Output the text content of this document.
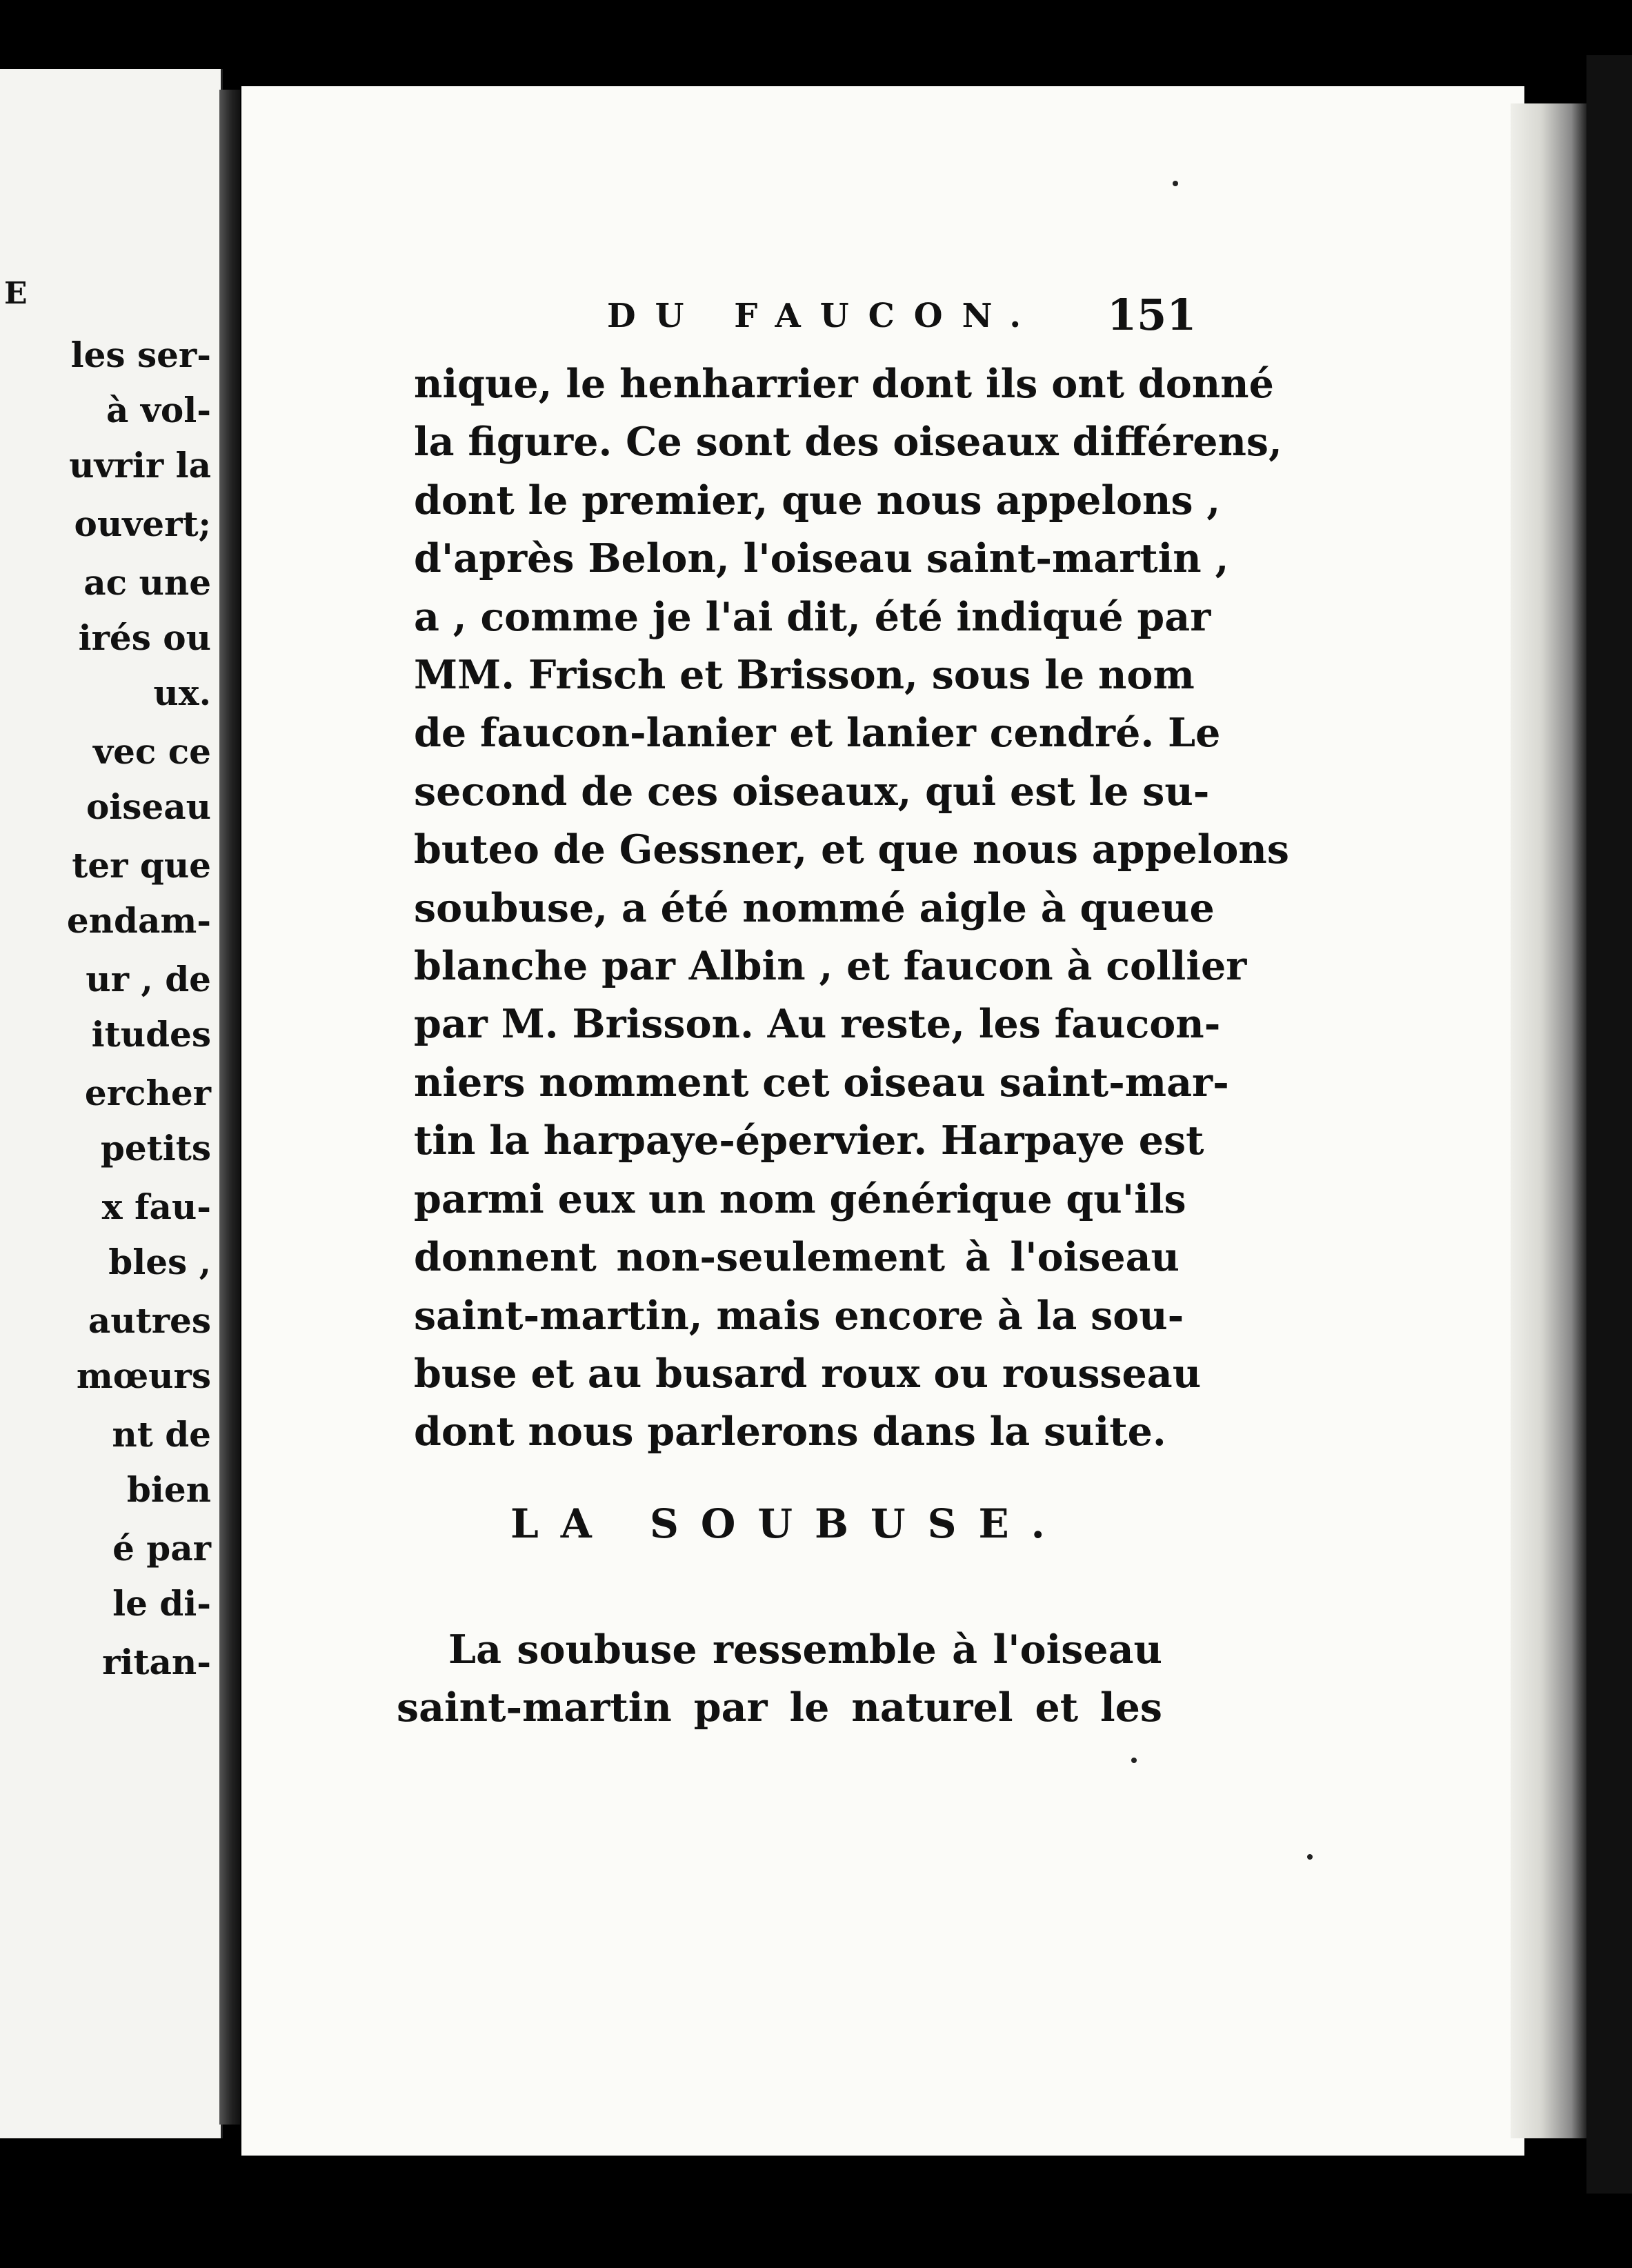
E
les ser-
à vol-
uvrir la
ouvert;
ac une
irés ou
ux.
vec ce
oiseau
ter que
endam-
ur , de
itudes
ercher
petits
x fau-
bles ,
autres
mœurs
nt de
bien
é par
le di-
ritan-
DU FAUCON. 151
nique, le henharrier dont ils ont donné
la figure. Ce sont des oiseaux différens,
dont le premier, que nous appelons ,
d'après Belon, l'oiseau saint-martin ,
a , comme je l'ai dit, été indiqué par
MM. Frisch et Brisson, sous le nom
de faucon-lanier et lanier cendré. Le
second de ces oiseaux, qui est le su-
buteo de Gessner, et que nous appelons
soubuse, a été nommé aigle à queue
blanche par Albin , et faucon à collier
par M. Brisson. Au reste, les faucon-
niers nomment cet oiseau saint-mar-
tin la harpaye-épervier. Harpaye est
parmi eux un nom générique qu'ils
donnent non-seulement à l'oiseau
saint-martin, mais encore à la sou-
buse et au busard roux ou rousseau
dont nous parlerons dans la suite.
LA SOUBUSE.
La soubuse ressemble à l'oiseau
saint-martin par le naturel et les
